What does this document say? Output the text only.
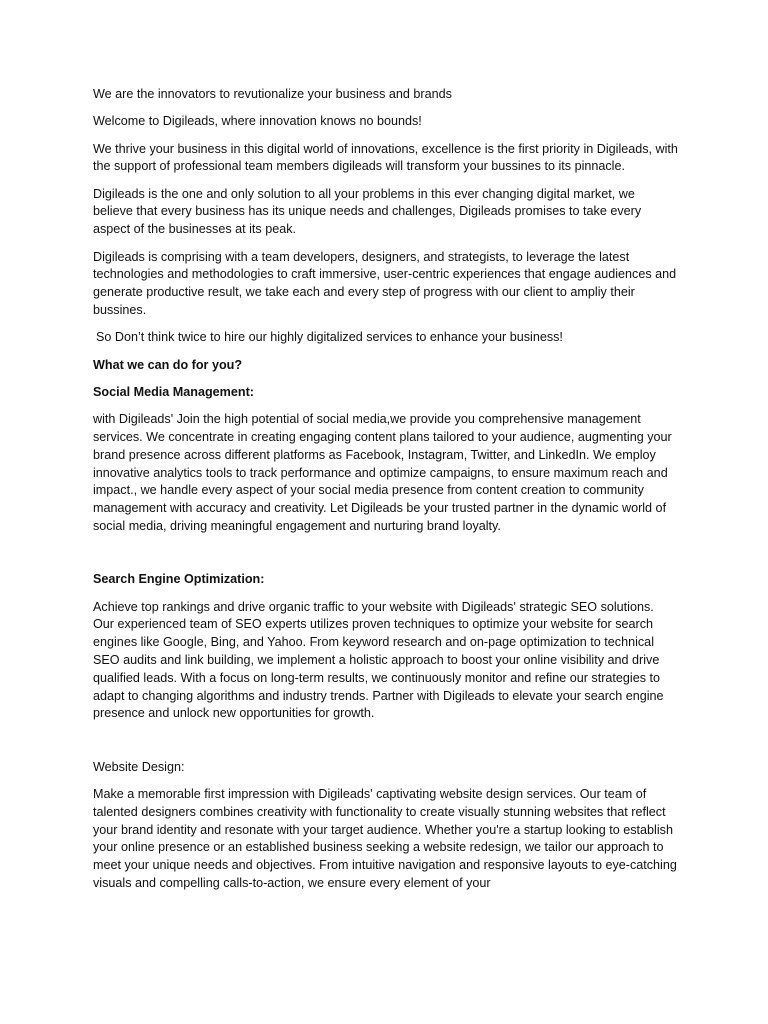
We are the innovators to revutionalize your business and brands

Welcome to Digileads, where innovation knows no bounds!

We thrive your business in this digital world of innovations, excellence is the first priority in Digileads, with the support of professional team members digileads will transform your bussines to its pinnacle.

Digileads is the one and only solution to all your problems in this ever changing digital market, we believe that every business has its unique needs and challenges, Digileads promises to take every aspect of the businesses at its peak.

Digileads is comprising with a team developers, designers, and strategists, to leverage the latest technologies and methodologies to craft immersive, user-centric experiences that engage audiences and generate productive result, we take each and every step of progress with our client to ampliy their bussines.

So Don’t think twice to hire our highly digitalized services to enhance your business!

What we can do for you?

Social Media Management:

with Digileads' Join the high potential of social media,we provide you comprehensive management services. We concentrate in creating engaging content plans tailored to your audience, augmenting your brand presence across different platforms as Facebook, Instagram, Twitter, and LinkedIn. We employ innovative analytics tools to track performance and optimize campaigns, to ensure maximum reach and impact., we handle every aspect of your social media presence from content creation to community management with accuracy and creativity. Let Digileads be your trusted partner in the dynamic world of social media, driving meaningful engagement and nurturing brand loyalty.

Search Engine Optimization:

Achieve top rankings and drive organic traffic to your website with Digileads' strategic SEO solutions. Our experienced team of SEO experts utilizes proven techniques to optimize your website for search engines like Google, Bing, and Yahoo. From keyword research and on-page optimization to technical SEO audits and link building, we implement a holistic approach to boost your online visibility and drive qualified leads. With a focus on long-term results, we continuously monitor and refine our strategies to adapt to changing algorithms and industry trends. Partner with Digileads to elevate your search engine presence and unlock new opportunities for growth.

Website Design:

Make a memorable first impression with Digileads' captivating website design services. Our team of talented designers combines creativity with functionality to create visually stunning websites that reflect your brand identity and resonate with your target audience. Whether you're a startup looking to establish your online presence or an established business seeking a website redesign, we tailor our approach to meet your unique needs and objectives. From intuitive navigation and responsive layouts to eye-catching visuals and compelling calls-to-action, we ensure every element of your
